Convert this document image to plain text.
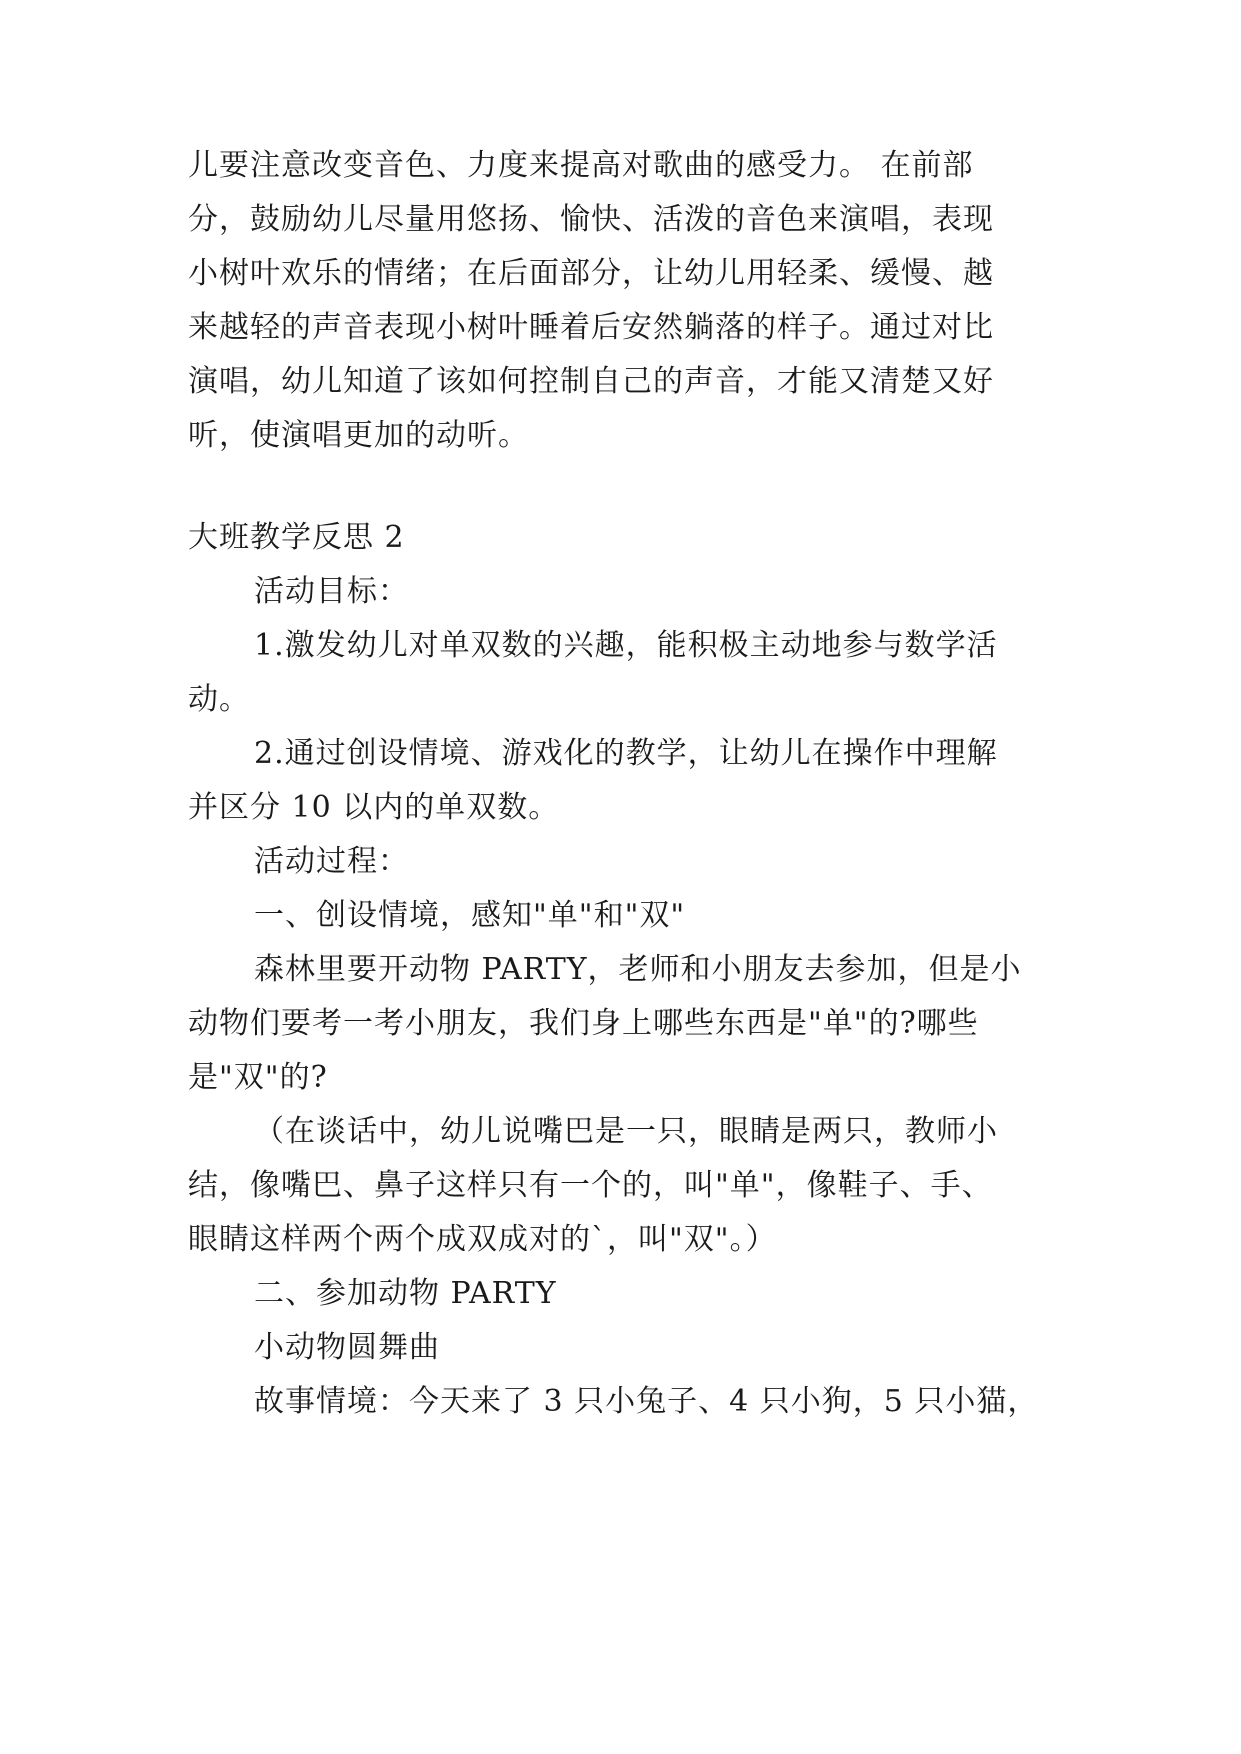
儿要注意改变音色、力度来提高对歌曲的感受力。 在前部
分，鼓励幼儿尽量用悠扬、愉快、活泼的音色来演唱，表现
小树叶欢乐的情绪；在后面部分，让幼儿用轻柔、缓慢、越
来越轻的声音表现小树叶睡着后安然躺落的样子。通过对比
演唱，幼儿知道了该如何控制自己的声音，才能又清楚又好
听，使演唱更加的动听。
大班教学反思 2
活动目标：
1.激发幼儿对单双数的兴趣，能积极主动地参与数学活
动。
2.通过创设情境、游戏化的教学，让幼儿在操作中理解
并区分 10 以内的单双数。
活动过程：
一、创设情境，感知"单"和"双"
森林里要开动物 PARTY，老师和小朋友去参加，但是小
动物们要考一考小朋友，我们身上哪些东西是"单"的?哪些
是"双"的?
（在谈话中，幼儿说嘴巴是一只，眼睛是两只，教师小
结，像嘴巴、鼻子这样只有一个的，叫"单"，像鞋子、手、
眼睛这样两个两个成双成对的`，叫"双"。）
二、参加动物 PARTY
小动物圆舞曲
故事情境：今天来了 3 只小兔子、4 只小狗，5 只小猫，
